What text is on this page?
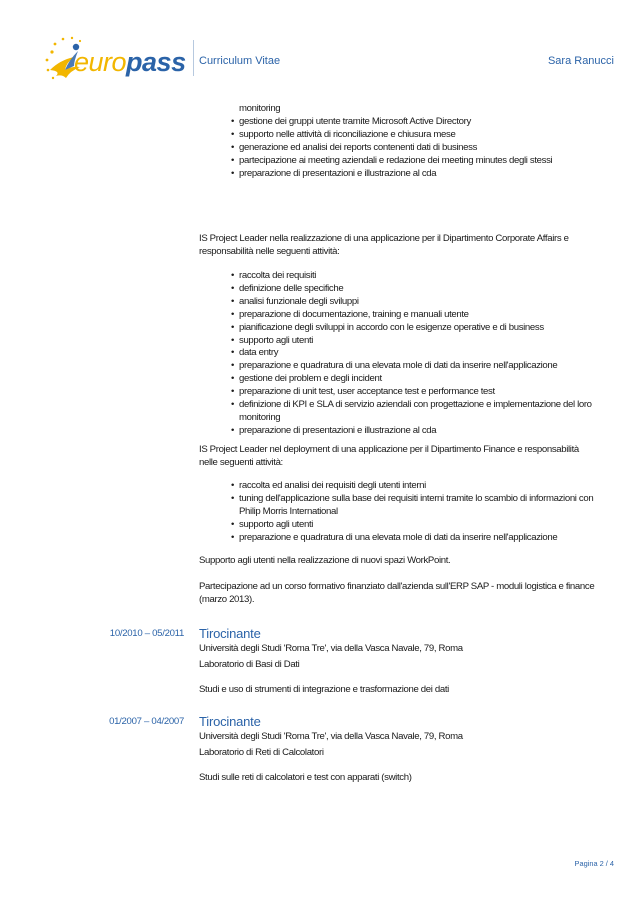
europass Curriculum Vitae	Sara Ranucci
monitoring
• gestione dei gruppi utente tramite Microsoft Active Directory
• supporto nelle attività di riconciliazione e chiusura mese
• generazione ed analisi dei reports contenenti dati di business
• partecipazione ai meeting aziendali e redazione dei meeting minutes degli stessi
• preparazione di presentazioni e illustrazione al cda
IS Project Leader nella realizzazione di una applicazione per il Dipartimento Corporate Affairs e
responsabilità nelle seguenti attività:
• raccolta dei requisiti
• definizione delle specifiche
• analisi funzionale degli sviluppi
• preparazione di documentazione, training e manuali utente
• pianificazione degli sviluppi in accordo con le esigenze operative e di business
• supporto agli utenti
• data entry
• preparazione e quadratura di una elevata mole di dati da inserire nell'applicazione
• gestione dei problem e degli incident
• preparazione di unit test, user acceptance test e performance test
• definizione di KPI e SLA di servizio aziendali con progettazione e implementazione del loro
monitoring
• preparazione di presentazioni e illustrazione al cda
IS Project Leader nel deployment di una applicazione per il Dipartimento Finance e responsabilità
nelle seguenti attività:
• raccolta ed analisi dei requisiti degli utenti interni
• tuning dell'applicazione sulla base dei requisiti interni tramite lo scambio di informazioni con
Philip Morris International
• supporto agli utenti
• preparazione e quadratura di una elevata mole di dati da inserire nell'applicazione
Supporto agli utenti nella realizzazione di nuovi spazi WorkPoint.
Partecipazione ad un corso formativo finanziato dall'azienda sull'ERP SAP - moduli logistica e finance
(marzo 2013).
10/2010 – 05/2011 Tirocinante
Università degli Studi 'Roma Tre', via della Vasca Navale, 79, Roma
Laboratorio di Basi di Dati
Studi e uso di strumenti di integrazione e trasformazione dei dati
01/2007 – 04/2007 Tirocinante
Università degli Studi 'Roma Tre', via della Vasca Navale, 79, Roma
Laboratorio di Reti di Calcolatori
Studi sulle reti di calcolatori e test con apparati (switch)
Pagina 2 / 4
